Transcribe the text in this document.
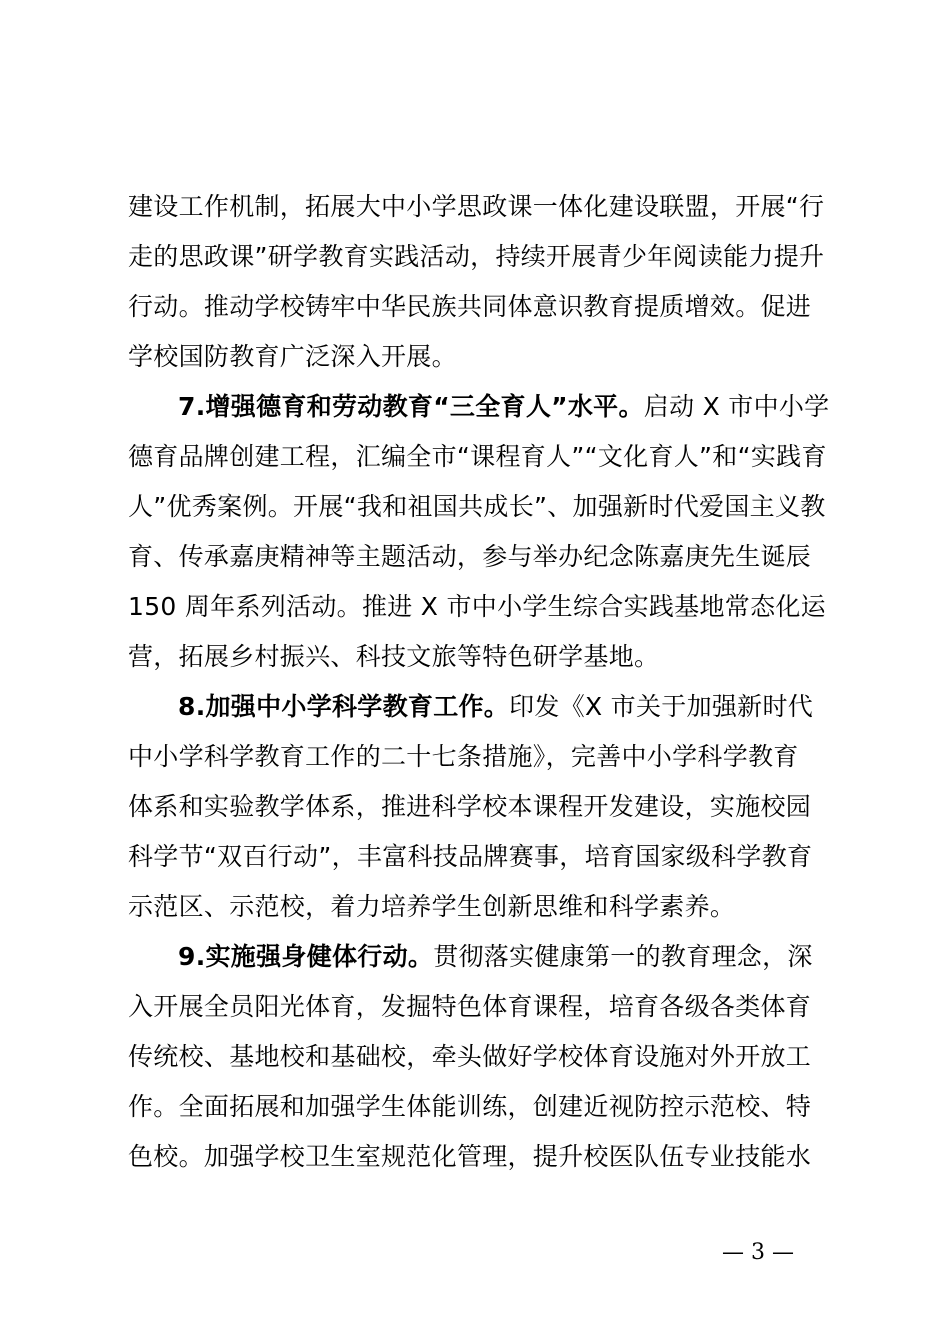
建设工作机制，拓展大中小学思政课一体化建设联盟，开展“行
走的思政课”研学教育实践活动，持续开展青少年阅读能力提升
行动。推动学校铸牢中华民族共同体意识教育提质增效。促进
学校国防教育广泛深入开展。
7.增强德育和劳动教育“三全育人”水平。启动 X 市中小学
德育品牌创建工程，汇编全市“课程育人”“文化育人”和“实践育
人”优秀案例。开展“我和祖国共成长”、加强新时代爱国主义教
育、传承嘉庚精神等主题活动，参与举办纪念陈嘉庚先生诞辰
150 周年系列活动。推进 X 市中小学生综合实践基地常态化运
营，拓展乡村振兴、科技文旅等特色研学基地。
8.加强中小学科学教育工作。印发《X 市关于加强新时代
中小学科学教育工作的二十七条措施》，完善中小学科学教育
体系和实验教学体系，推进科学校本课程开发建设，实施校园
科学节“双百行动”，丰富科技品牌赛事，培育国家级科学教育
示范区、示范校，着力培养学生创新思维和科学素养。
9.实施强身健体行动。贯彻落实健康第一的教育理念，深
入开展全员阳光体育，发掘特色体育课程，培育各级各类体育
传统校、基地校和基础校，牵头做好学校体育设施对外开放工
作。全面拓展和加强学生体能训练，创建近视防控示范校、特
色校。加强学校卫生室规范化管理，提升校医队伍专业技能水
— 3 —
